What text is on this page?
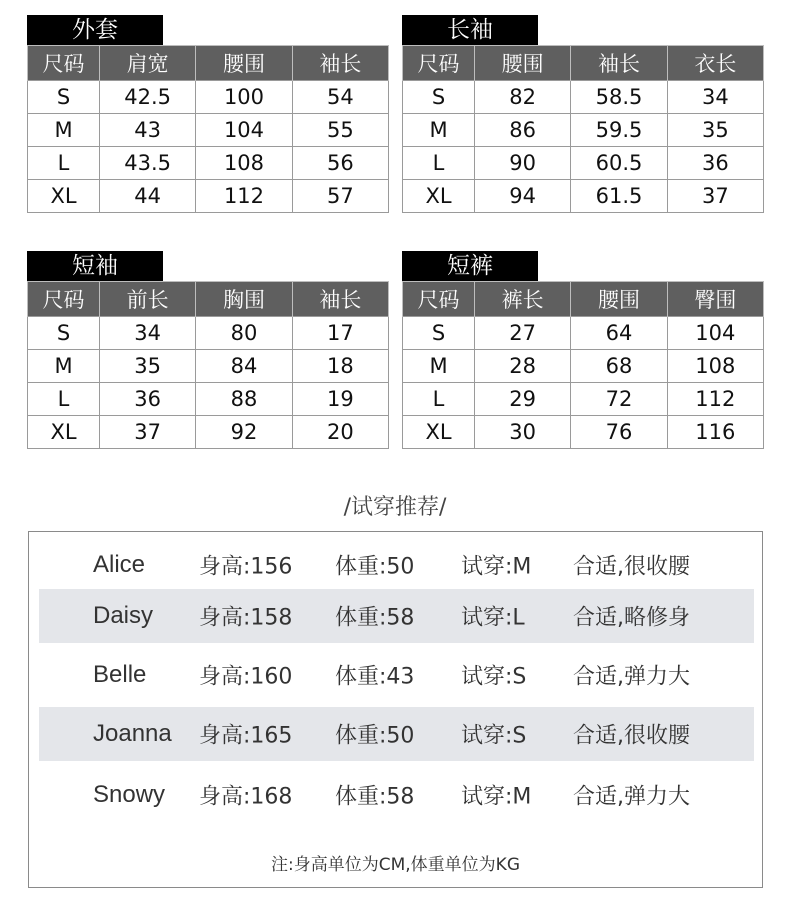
外套
尺码	肩宽	腰围	袖长
S	42.5	100	54
M	43	104	55
L	43.5	108	56
XL	44	112	57
长袖
尺码	腰围	袖长	衣长
S	82	58.5	34
M	86	59.5	35
L	90	60.5	36
XL	94	61.5	37
短袖
尺码	前长	胸围	袖长
S	34	80	17
M	35	84	18
L	36	88	19
XL	37	92	20
短裤
尺码	裤长	腰围	臀围
S	27	64	104
M	28	68	108
L	29	72	112
XL	30	76	116
/试穿推荐/
Alice 身高:156 体重:50 试穿:M 合适,很收腰
Daisy 身高:158 体重:58 试穿:L 合适,略修身
Belle 身高:160 体重:43 试穿:S 合适,弹力大
Joanna 身高:165 体重:50 试穿:S 合适,很收腰
Snowy 身高:168 体重:58 试穿:M 合适,弹力大
注:身高单位为CM,体重单位为KG
